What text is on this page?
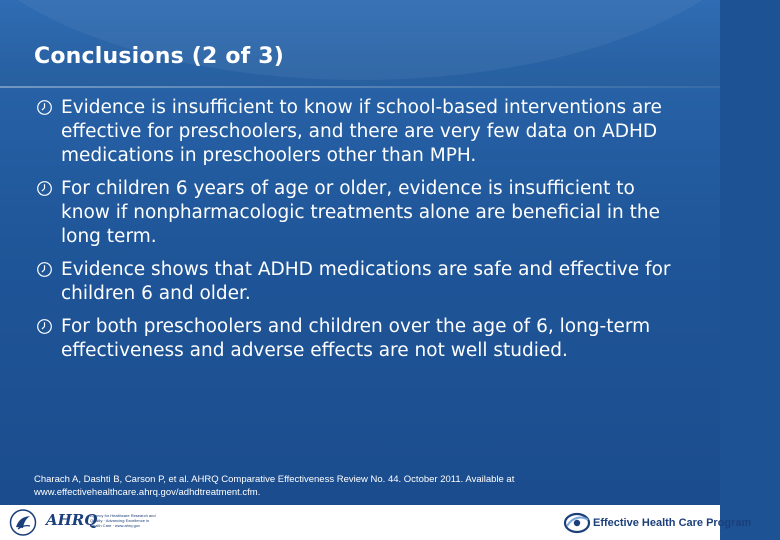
Conclusions (2 of 3)
Evidence is insufficient to know if school-based interventions are effective for preschoolers, and there are very few data on ADHD medications in preschoolers other than MPH.
For children 6 years of age or older, evidence is insufficient to know if nonpharmacologic treatments alone are beneficial in the long term.
Evidence shows that ADHD medications are safe and effective for children 6 and older.
For both preschoolers and children over the age of 6, long-term effectiveness and adverse effects are not well studied.
Charach A, Dashti B, Carson P, et al. AHRQ Comparative Effectiveness Review No. 44. October 2011. Available at www.effectivehealthcare.ahrq.gov/adhdtreatment.cfm.
AHRQ
Agency for Healthcare Research and Quality · Advancing Excellence in Health Care · www.ahrq.gov	Effective Health Care Program
